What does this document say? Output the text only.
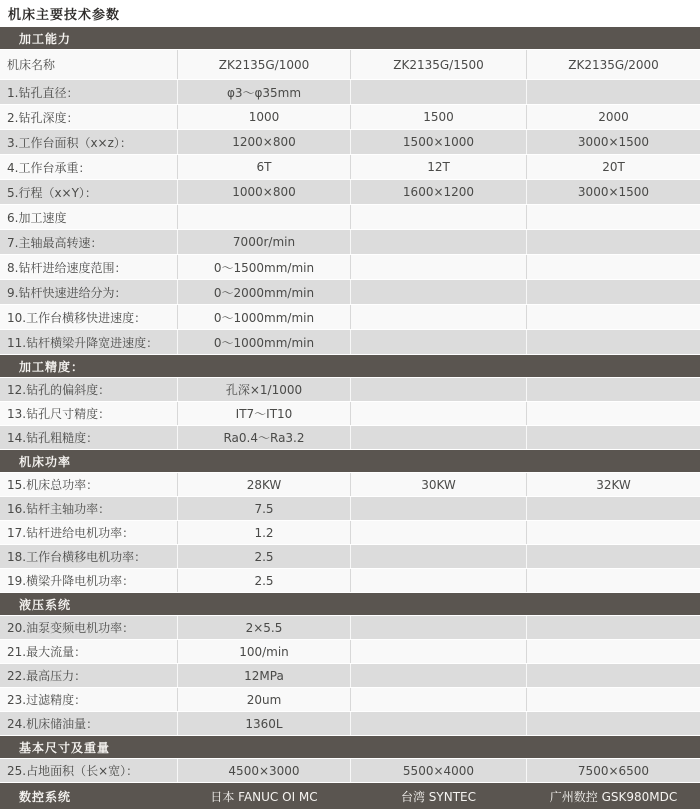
机床主要技术参数
加工能力
机床名称	ZK2135G/1000	ZK2135G/1500	ZK2135G/2000
1.钻孔直径：	φ3～φ35mm
2.钻孔深度：	1000	1500	2000
3.工作台面积（x×z）：	1200×800	1500×1000	3000×1500
4.工作台承重：	6T	12T	20T
5.行程（x×Y）：	1000×800	1600×1200	3000×1500
6.加工速度
7.主轴最高转速：	7000r/min
8.钻杆进给速度范围：	0～1500mm/min
9.钻杆快速进给分为：	0～2000mm/min
10.工作台横移快进速度：	0～1000mm/min
11.钻杆横梁升降宽进速度：	0～1000mm/min
加工精度：
12.钻孔的偏斜度：	孔深×1/1000
13.钻孔尺寸精度：	IT7～IT10
14.钻孔粗糙度：	Ra0.4～Ra3.2
机床功率
15.机床总功率：	28KW	30KW	32KW
16.钻杆主轴功率：	7.5
17.钻杆进给电机功率：	1.2
18.工作台横移电机功率：	2.5
19.横梁升降电机功率：	2.5
液压系统
20.油泵变频电机功率：	2×5.5
21.最大流量：	100/min
22.最高压力：	12MPa
23.过滤精度：	20um
24.机床储油量：	1360L
基本尺寸及重量
25.占地面积（长×宽）：	4500×3000	5500×4000	7500×6500
数控系统	日本 FANUC OI MC	台湾 SYNTEC	广州数控 GSK980MDC
